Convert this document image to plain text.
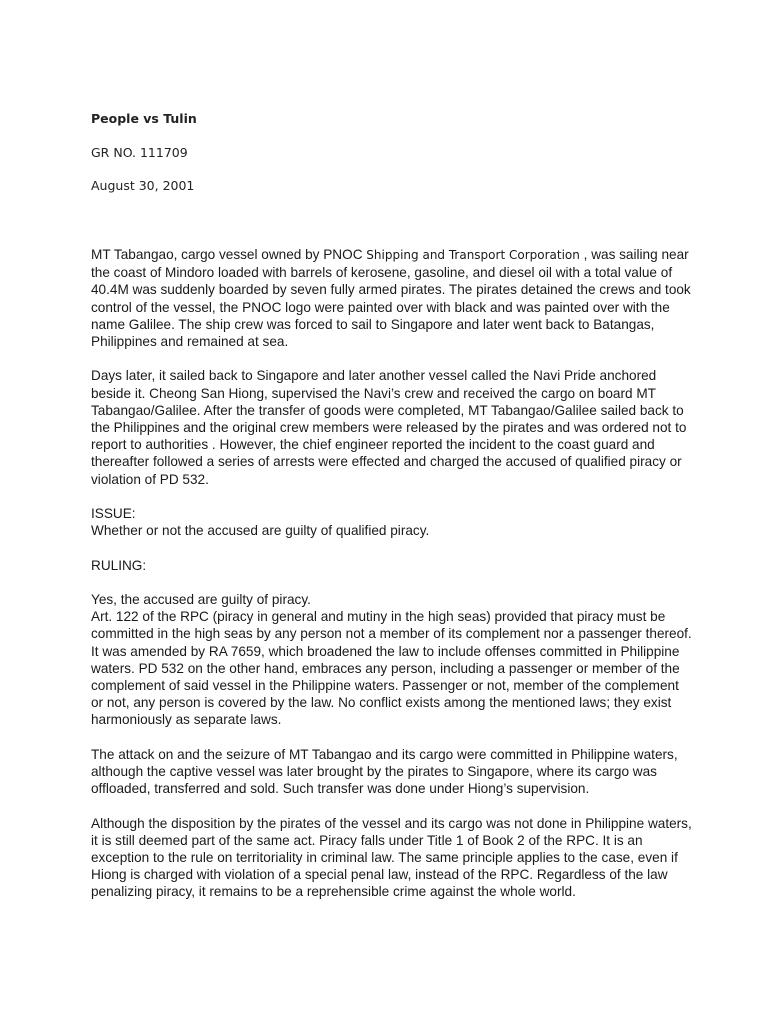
People vs Tulin
GR NO. 111709
August 30, 2001

MT Tabangao, cargo vessel owned by PNOC Shipping and Transport Corporation , was sailing near the coast of Mindoro loaded with barrels of kerosene, gasoline, and diesel oil with a total value of 40.4M was suddenly boarded by seven fully armed pirates. The pirates detained the crews and took control of the vessel, the PNOC logo were painted over with black and was painted over with the name Galilee. The ship crew was forced to sail to Singapore and later went back to Batangas, Philippines and remained at sea.

Days later, it sailed back to Singapore and later another vessel called the Navi Pride anchored beside it. Cheong San Hiong, supervised the Navi’s crew and received the cargo on board MT Tabangao/Galilee. After the transfer of goods were completed, MT Tabangao/Galilee sailed back to the Philippines and the original crew members were released by the pirates and was ordered not to report to authorities . However, the chief engineer reported the incident to the coast guard and thereafter followed a series of arrests were effected and charged the accused of qualified piracy or violation of PD 532.

ISSUE:
Whether or not the accused are guilty of qualified piracy.

RULING:

Yes, the accused are guilty of piracy.
Art. 122 of the RPC (piracy in general and mutiny in the high seas) provided that piracy must be committed in the high seas by any person not a member of its complement nor a passenger thereof. It was amended by RA 7659, which broadened the law to include offenses committed in Philippine waters. PD 532 on the other hand, embraces any person, including a passenger or member of the complement of said vessel in the Philippine waters. Passenger or not, member of the complement or not, any person is covered by the law. No conflict exists among the mentioned laws; they exist harmoniously as separate laws.

The attack on and the seizure of MT Tabangao and its cargo were committed in Philippine waters, although the captive vessel was later brought by the pirates to Singapore, where its cargo was offloaded, transferred and sold. Such transfer was done under Hiong’s supervision.

Although the disposition by the pirates of the vessel and its cargo was not done in Philippine waters, it is still deemed part of the same act. Piracy falls under Title 1 of Book 2 of the RPC. It is an exception to the rule on territoriality in criminal law. The same principle applies to the case, even if Hiong is charged with violation of a special penal law, instead of the RPC. Regardless of the law penalizing piracy, it remains to be a reprehensible crime against the whole world.
